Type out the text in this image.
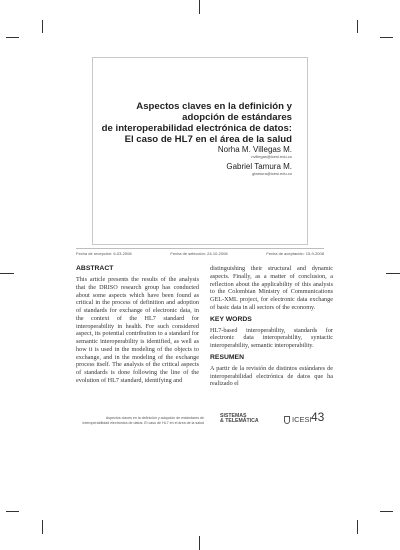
Aspectos claves en la definición y
adopción de estándares
de interoperabilidad electrónica de datos:
El caso de HL7 en el área de la salud
Norha M. Villegas M.
nvillegas@icesi.edu.co
Gabriel Tamura M.
gtamura@icesi.edu.co
Fecha de recepción: 6-03-2008	Fecha de selección: 24-10-2008	Fecha de aceptación: 15-9-2008
ABSTRACT

This article presents the results of the analysis that the DRISO research group has conducted about some aspects which have been found as critical in the process of definition and adoption of standards for exchange of electronic data, in the context of the HL7 standard for interoperability in health. For such considered aspect, its potential contribution to a standard for semantic interoperability is identified, as well as how it is used in the modeling of the objects to exchange, and in the modeling of the exchange process itself. The analysis of the critical aspects of standards is done following the line of the evolution of HL7 standard, identifying and

distinguishing their structural and dynamic aspects. Finally, as a matter of conclusion, a reflection about the applicability of this analysis to the Colombian Ministry of Communications GEL-XML project, for electronic data exchange of basic data in all sectors of the economy.

KEY WORDS

HL7-based interoperability, standards for electronic data interoperability, syntactic interoperability, semantic interoperability.

RESUMEN

A partir de la revisión de distintos estándares de interoperabilidad electrónica de datos que ha realizado el

Aspectos claves en la definición y adopción de estándares de
interoperabilidad electrónica de datos: El caso de HL7 en el área de la salud
SISTEMAS
& TELEMÁTICA	ICESI 43
